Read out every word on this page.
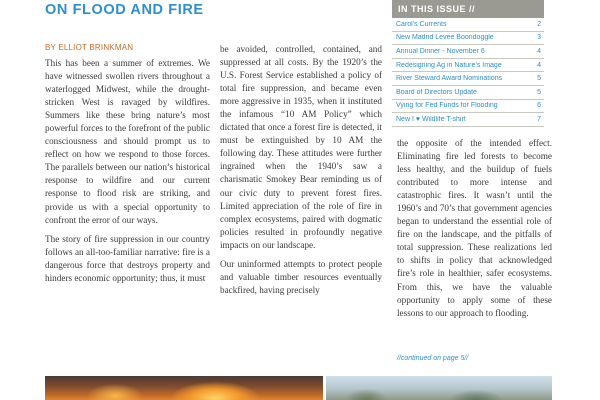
ON FLOOD AND FIRE
BY ELLIOT BRINKMAN

This has been a summer of extremes. We have witnessed swollen rivers throughout a waterlogged Midwest, while the drought-stricken West is ravaged by wildfires. Summers like these bring nature’s most powerful forces to the forefront of the public consciousness and should prompt us to reflect on how we respond to those forces. The parallels between our nation’s historical response to wildfire and our current response to flood risk are striking, and provide us with a special opportunity to confront the error of our ways.

The story of fire suppression in our country follows an all-too-familiar narrative: fire is a dangerous force that destroys property and hinders economic opportunity; thus, it must

be avoided, controlled, contained, and suppressed at all costs. By the 1920’s the U.S. Forest Service established a policy of total fire suppression, and became even more aggressive in 1935, when it instituted the infamous “10 AM Policy” which dictated that once a forest fire is detected, it must be extinguished by 10 AM the following day. These attitudes were further ingrained when the 1940’s saw a charismatic Smokey Bear reminding us of our civic duty to prevent forest fires. Limited appreciation of the role of fire in complex ecosystems, paired with dogmatic policies resulted in profoundly negative impacts on our landscape.

Our uninformed attempts to protect people and valuable timber resources eventually backfired, having precisely

the opposite of the intended effect. Eliminating fire led forests to become less healthy, and the buildup of fuels contributed to more intense and catastrophic fires. It wasn’t until the 1960’s and 70’s that government agencies began to understand the essential role of fire on the landscape, and the pitfalls of total suppression. These realizations led to shifts in policy that acknowledged fire’s role in healthier, safer ecosystems. From this, we have the valuable opportunity to apply some of these lessons to our approach to flooding.

//continued on page 5//
IN THIS ISSUE //
Carol’s Currents	2
New Madrid Levee Boondoggle	3
Annual Dinner - November 6	4
Redesigning Ag in Nature’s Image	4
River Steward Award Nominations	5
Board of Directors Update	5
Vying for Fed Funds for Flooding	6
New I ♥ Wildlife T-shirt	7
